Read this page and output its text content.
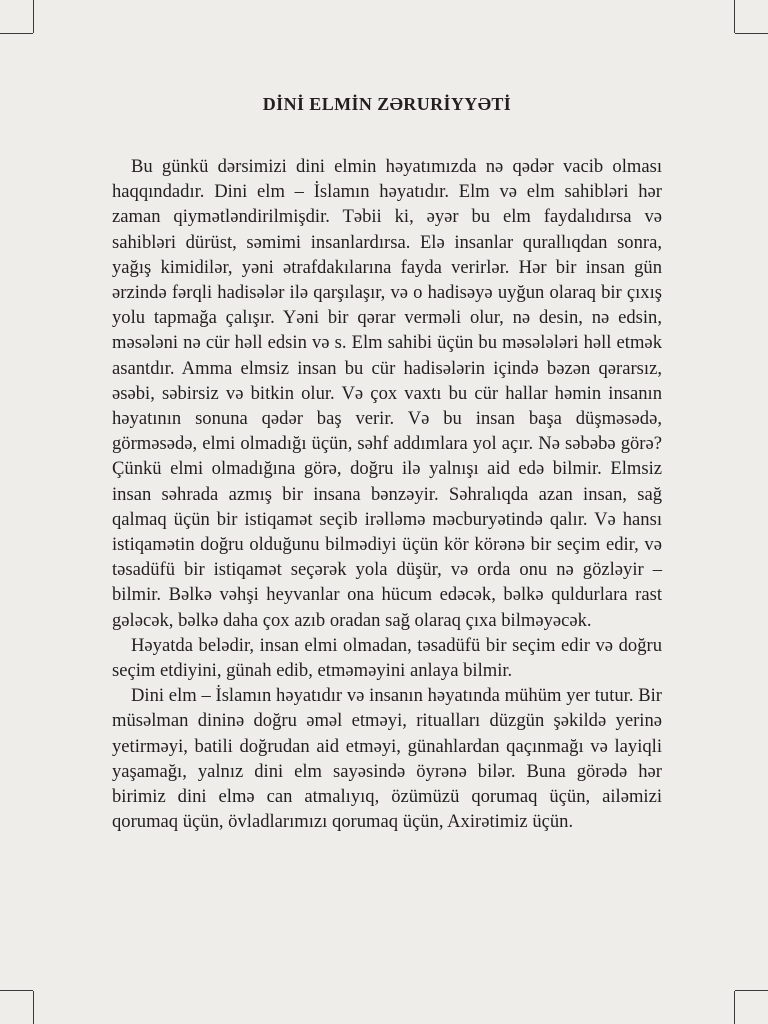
DİNİ ELMİN ZƏRURİYYƏTİ

Bu günkü dərsimizi dini elmin həyatımızda nə qədər vacib olması haqqındadır. Dini elm – İslamın həyatıdır. Elm və elm sahibləri hər zaman qiymətləndirilmişdir. Təbii ki, əyər bu elm faydalıdırsa və sahibləri dürüst, səmimi insanlardırsa. Elə insanlar qurallıqdan sonra, yağış kimidilər, yəni ətrafdakılarına fayda verirlər. Hər bir insan gün ərzində fərqli hadisələr ilə qarşılaşır, və o hadisəyə uyğun olaraq bir çıxış yolu tapmağa çalışır. Yəni bir qərar verməli olur, nə desin, nə edsin, məsələni nə cür həll edsin və s. Elm sahibi üçün bu məsələləri həll etmək asantdır. Amma elmsiz insan bu cür hadisələrin içində bəzən qərarsız, əsəbi, səbirsiz və bitkin olur. Və çox vaxtı bu cür hallar həmin insanın həyatının sonuna qədər baş verir. Və bu insan başa düşməsədə, görməsədə, elmi olmadığı üçün, səhf addımlara yol açır. Nə səbəbə görə? Çünkü elmi olmadığına görə, doğru ilə yalnışı aid edə bilmir. Elmsiz insan səhrada azmış bir insana bənzəyir. Səhralıqda azan insan, sağ qalmaq üçün bir istiqamət seçib irəlləmə məcburyətində qalır. Və hansı istiqamətin doğru olduğunu bilmədiyi üçün kör körənə bir seçim edir, və təsadüfü bir istiqamət seçərək yola düşür, və orda onu nə gözləyir – bilmir. Bəlkə vəhşi heyvanlar ona hücum edəcək, bəlkə quldurlara rast gələcək, bəlkə daha çox azıb oradan sağ olaraq çıxa bilməyəcək.

Həyatda belədir, insan elmi olmadan, təsadüfü bir seçim edir və doğru seçim etdiyini, günah edib, etməməyini anlaya bilmir.

Dini elm – İslamın həyatıdır və insanın həyatında mühüm yer tutur. Bir müsəlman dininə doğru əməl etməyi, ritualları düzgün şəkildə yerinə yetirməyi, batili doğrudan aid etməyi, günahlardan qaçınmağı və layiqli yaşamağı, yalnız dini elm sayəsində öyrənə bilər. Buna görədə hər birimiz dini elmə can atmalıyıq, özümüzü qorumaq üçün, ailəmizi qorumaq üçün, övladlarımızı qorumaq üçün, Axirətimiz üçün.
